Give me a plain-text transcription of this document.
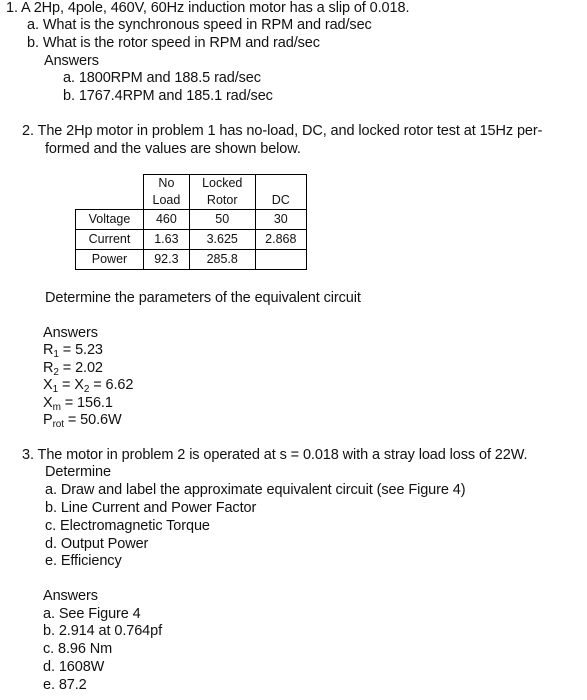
1. A 2Hp, 4pole, 460V, 60Hz induction motor has a slip of 0.018.
a. What is the synchronous speed in RPM and rad/sec
b. What is the rotor speed in RPM and rad/sec
Answers
a. 1800RPM and 188.5 rad/sec
b. 1767.4RPM and 185.1 rad/sec
2. The 2Hp motor in problem 1 has no-load, DC, and locked rotor test at 15Hz per-
formed and the values are shown below.
	No	Locked	
	Load	Rotor	DC
Voltage	460	50	30
Current	1.63	3.625	2.868
Power	92.3	285.8	
Determine the parameters of the equivalent circuit
Answers
$R_1 = 5.23$
$R_2 = 2.02$
$X_1 = X_2 = 6.62$
$X_m = 156.1$
$P_{rot} = 50.6W$
3. The motor in problem 2 is operated at s = 0.018 with a stray load loss of 22W.
Determine
a. Draw and label the approximate equivalent circuit (see Figure 4)
b. Line Current and Power Factor
c. Electromagnetic Torque
d. Output Power
e. Efficiency
Answers
a. See Figure 4
b. 2.914 at 0.764pf
c. 8.96 Nm
d. 1608W
e. 87.2
